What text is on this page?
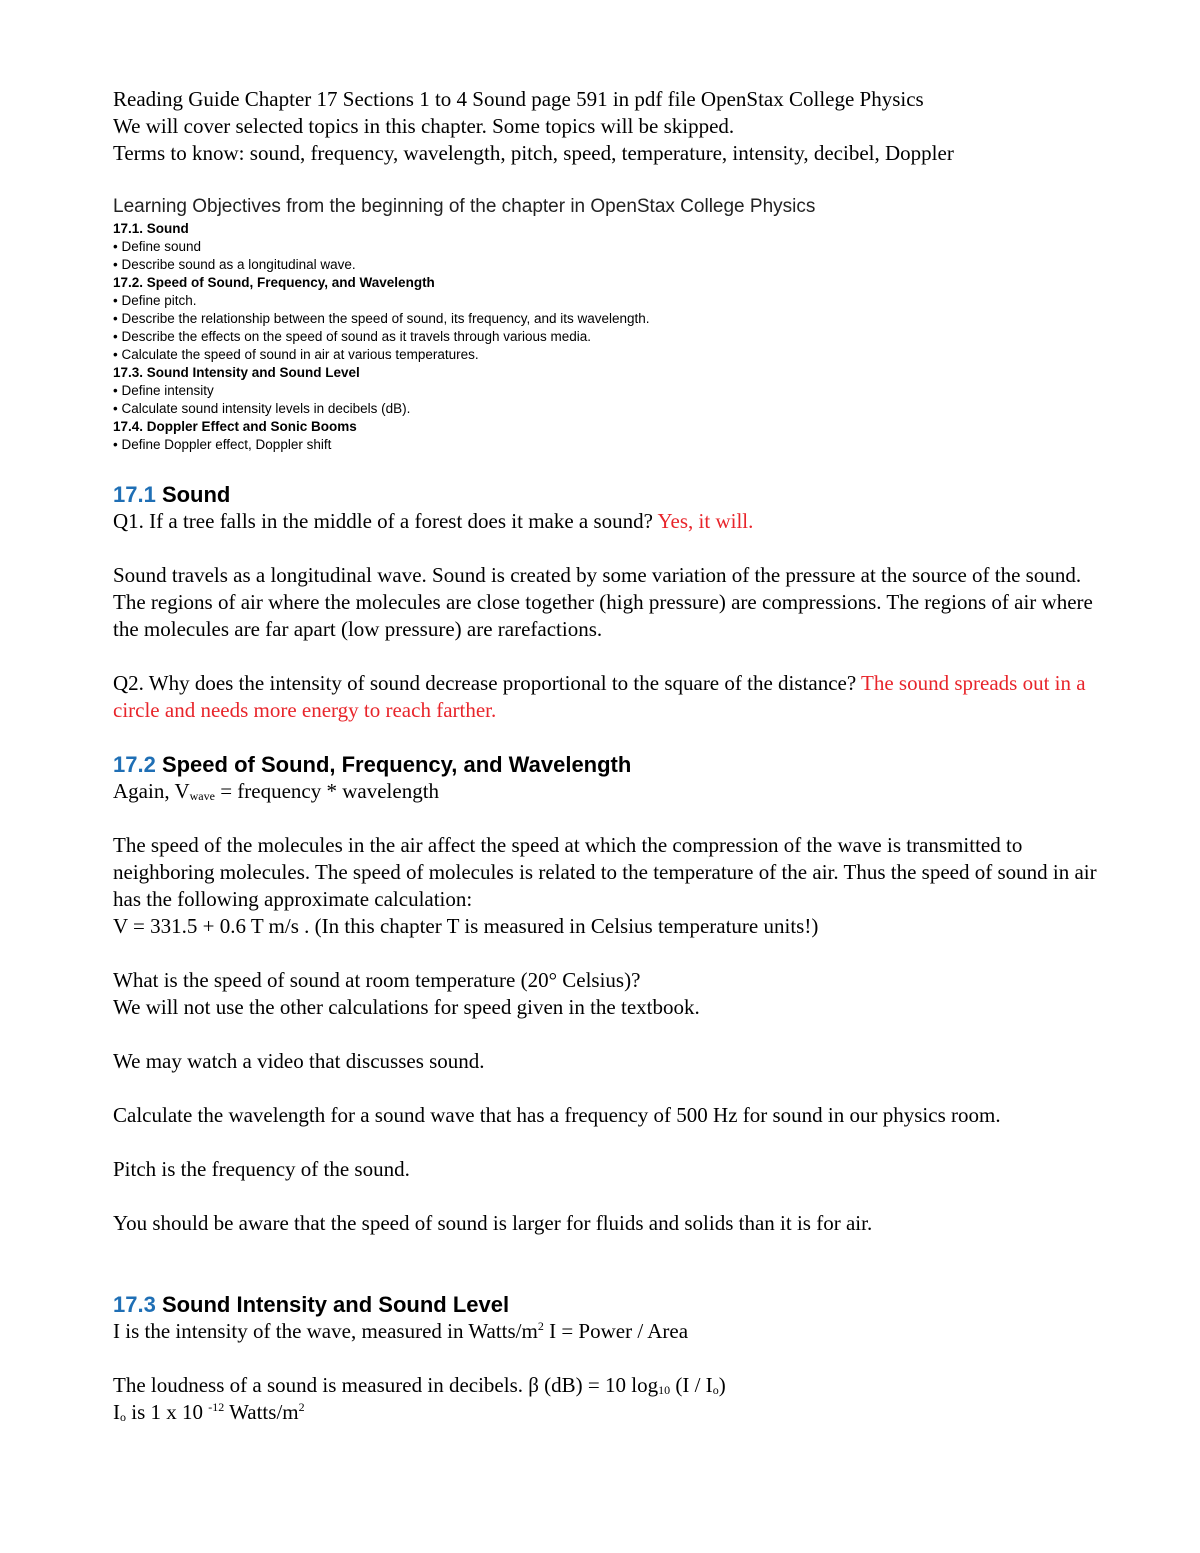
Reading Guide Chapter 17 Sections 1 to 4 Sound page 591 in pdf file OpenStax College Physics

We will cover selected topics in this chapter. Some topics will be skipped.

Terms to know: sound, frequency, wavelength, pitch, speed, temperature, intensity, decibel, Doppler

Learning Objectives from the beginning of the chapter in OpenStax College Physics

17.1. Sound

• Define sound

• Describe sound as a longitudinal wave.

17.2. Speed of Sound, Frequency, and Wavelength

• Define pitch.

• Describe the relationship between the speed of sound, its frequency, and its wavelength.

• Describe the effects on the speed of sound as it travels through various media.

• Calculate the speed of sound in air at various temperatures.

17.3. Sound Intensity and Sound Level

• Define intensity

• Calculate sound intensity levels in decibels (dB).

17.4. Doppler Effect and Sonic Booms

• Define Doppler effect, Doppler shift

17.1 Sound

Q1. If a tree falls in the middle of a forest does it make a sound? Yes, it will.

Sound travels as a longitudinal wave. Sound is created by some variation of the pressure at the source of the sound. The regions of air where the molecules are close together (high pressure) are compressions. The regions of air where the molecules are far apart (low pressure) are rarefactions.

Q2. Why does the intensity of sound decrease proportional to the square of the distance? The sound spreads out in a circle and needs more energy to reach farther.

17.2 Speed of Sound, Frequency, and Wavelength

Again, $V_{wave}$ = frequency * wavelength

The speed of the molecules in the air affect the speed at which the compression of the wave is transmitted to neighboring molecules. The speed of molecules is related to the temperature of the air. Thus the speed of sound in air has the following approximate calculation:

V = 331.5 + 0.6 T m/s . (In this chapter T is measured in Celsius temperature units!)

What is the speed of sound at room temperature (20° Celsius)?

We will not use the other calculations for speed given in the textbook.

We may watch a video that discusses sound.

Calculate the wavelength for a sound wave that has a frequency of 500 Hz for sound in our physics room.

Pitch is the frequency of the sound.

You should be aware that the speed of sound is larger for fluids and solids than it is for air.

17.3 Sound Intensity and Sound Level

I is the intensity of the wave, measured in Watts/$m^2$ I = Power / Area

The loudness of a sound is measured in decibels. β (dB) = 10 $\log_{10} (I / I_o)$

$I_o$ is 1 x 10 $^{-12}$ Watts/$m^2$
